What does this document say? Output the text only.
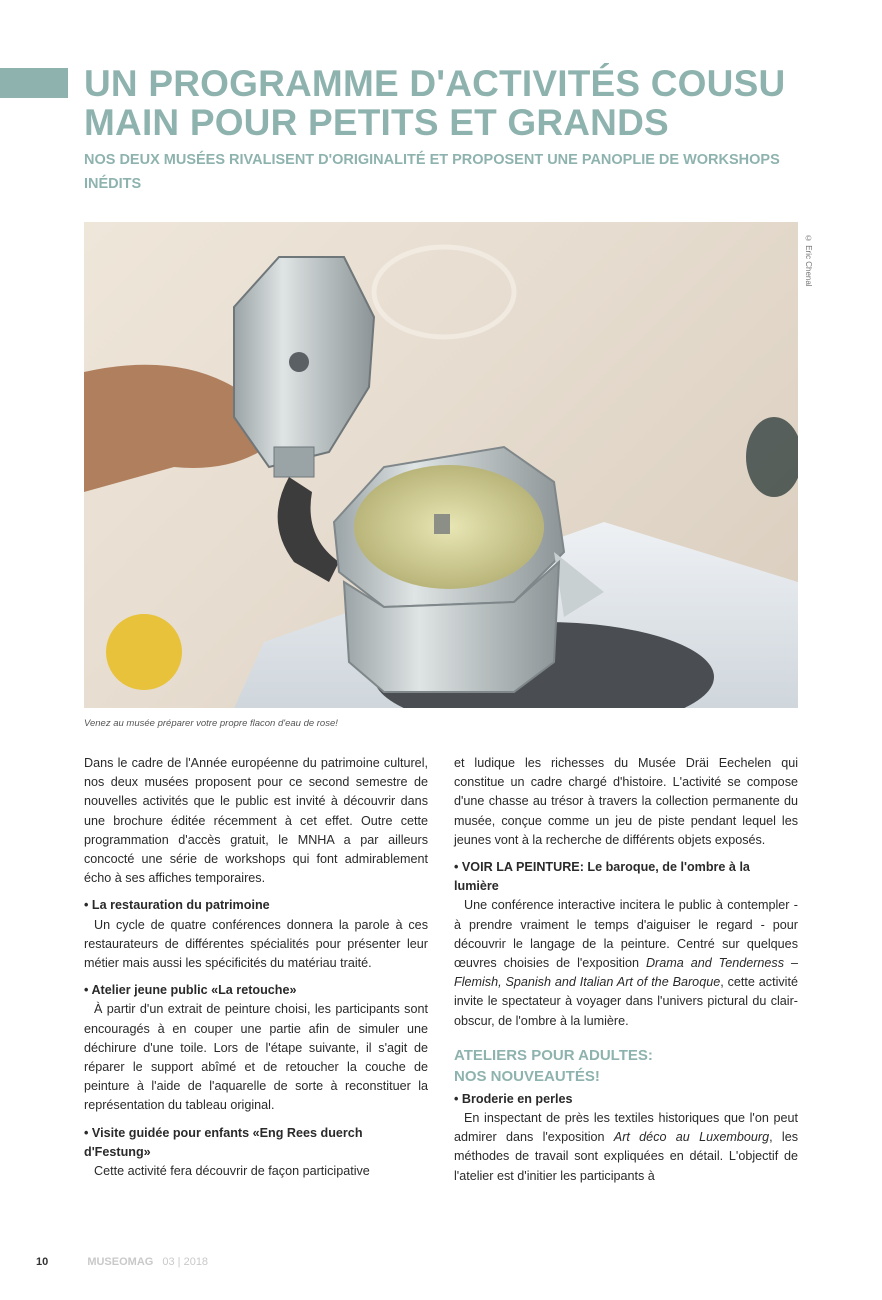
UN PROGRAMME D'ACTIVITÉS COUSU MAIN POUR PETITS ET GRANDS
NOS DEUX MUSÉES RIVALISENT D'ORIGINALITÉ ET PROPOSENT UNE PANOPLIE DE WORKSHOPS INÉDITS
© Eric Chenal
Venez au musée préparer votre propre flacon d'eau de rose!

Dans le cadre de l'Année européenne du patrimoine culturel, nos deux musées proposent pour ce second semestre de nouvelles activités que le public est invité à découvrir dans une brochure éditée récemment à cet effet. Outre cette programmation d'accès gratuit, le MNHA a par ailleurs concocté une série de workshops qui font admirablement écho à ses affiches temporaires.

• La restauration du patrimoine

Un cycle de quatre conférences donnera la parole à ces restaurateurs de différentes spécialités pour présenter leur métier mais aussi les spécificités du matériau traité.

• Atelier jeune public «La retouche»

À partir d'un extrait de peinture choisi, les participants sont encouragés à en couper une partie afin de simuler une déchirure d'une toile. Lors de l'étape suivante, il s'agit de réparer le support abîmé et de retoucher la couche de peinture à l'aide de l'aquarelle de sorte à reconstituer la représentation du tableau original.

• Visite guidée pour enfants «Eng Rees duerch d'Festung»

Cette activité fera découvrir de façon participative

et ludique les richesses du Musée Dräi Eechelen qui constitue un cadre chargé d'histoire. L'activité se compose d'une chasse au trésor à travers la collection permanente du musée, conçue comme un jeu de piste pendant lequel les jeunes vont à la recherche de différents objets exposés.

• VOIR LA PEINTURE: Le baroque, de l'ombre à la lumière

Une conférence interactive incitera le public à contempler - à prendre vraiment le temps d'aiguiser le regard - pour découvrir le langage de la peinture. Centré sur quelques œuvres choisies de l'exposition Drama and Tenderness – Flemish, Spanish and Italian Art of the Baroque, cette activité invite le spectateur à voyager dans l'univers pictural du clair-obscur, de l'ombre à la lumière.

ATELIERS POUR ADULTES:
NOS NOUVEAUTÉS!
• Broderie en perles

En inspectant de près les textiles historiques que l'on peut admirer dans l'exposition Art déco au Luxembourg, les méthodes de travail sont expliquées en détail. L'objectif de l'atelier est d'initier les participants à

10	MUSEOMAG 03 | 2018
